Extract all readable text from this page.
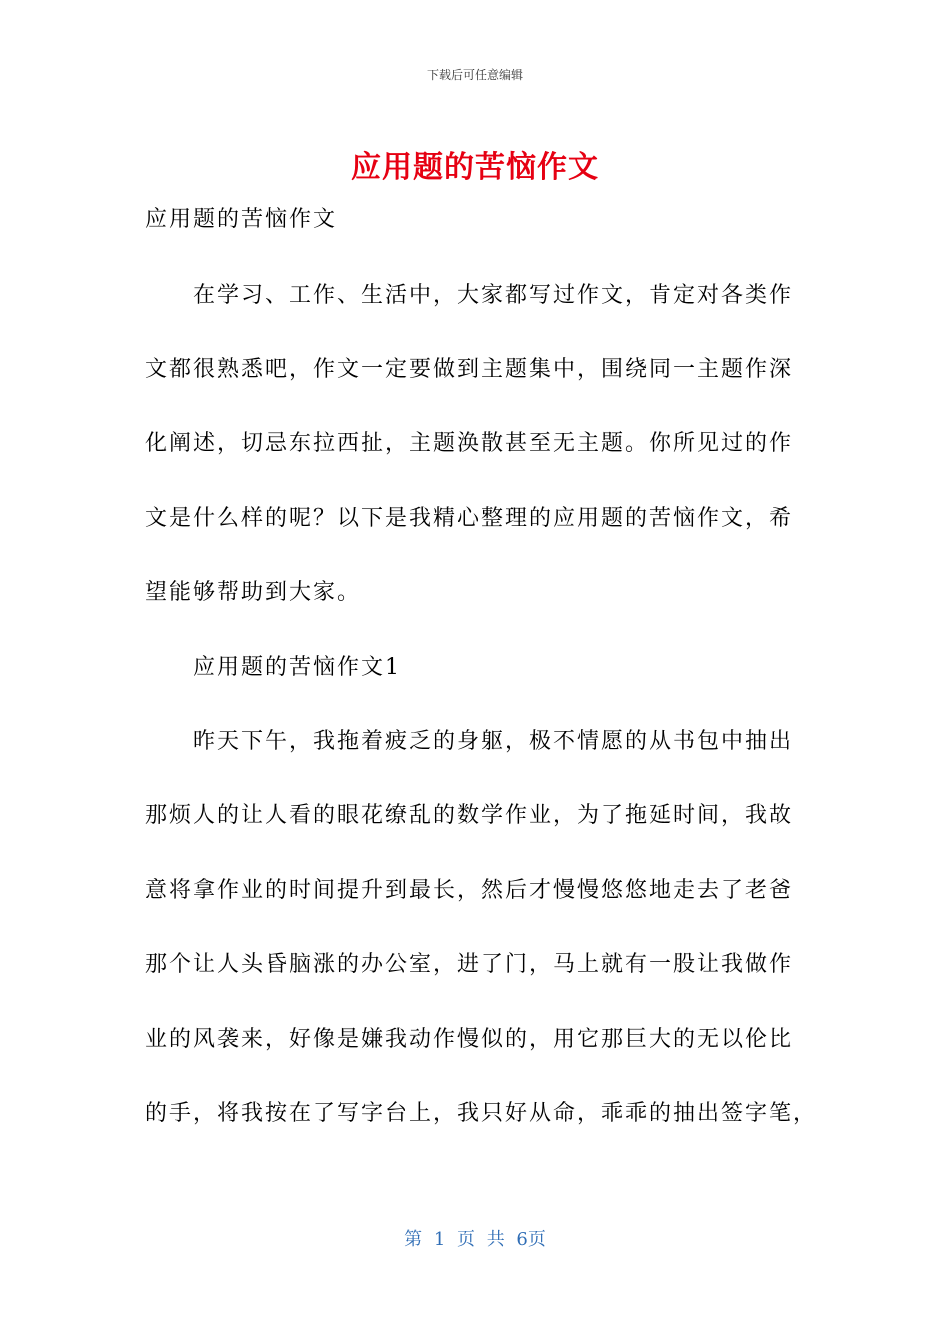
下载后可任意编辑
应用题的苦恼作文
应用题的苦恼作文
在学习、工作、生活中，大家都写过作文，肯定对各类作
文都很熟悉吧，作文一定要做到主题集中，围绕同一主题作深
化阐述，切忌东拉西扯，主题涣散甚至无主题。你所见过的作
文是什么样的呢？以下是我精心整理的应用题的苦恼作文，希
望能够帮助到大家。
应用题的苦恼作文1
昨天下午，我拖着疲乏的身躯，极不情愿的从书包中抽出
那烦人的让人看的眼花缭乱的数学作业，为了拖延时间，我故
意将拿作业的时间提升到最长，然后才慢慢悠悠地走去了老爸
那个让人头昏脑涨的办公室，进了门，马上就有一股让我做作
业的风袭来，好像是嫌我动作慢似的，用它那巨大的无以伦比
的手，将我按在了写字台上，我只好从命，乖乖的抽出签字笔，
第 1 页 共 6页
